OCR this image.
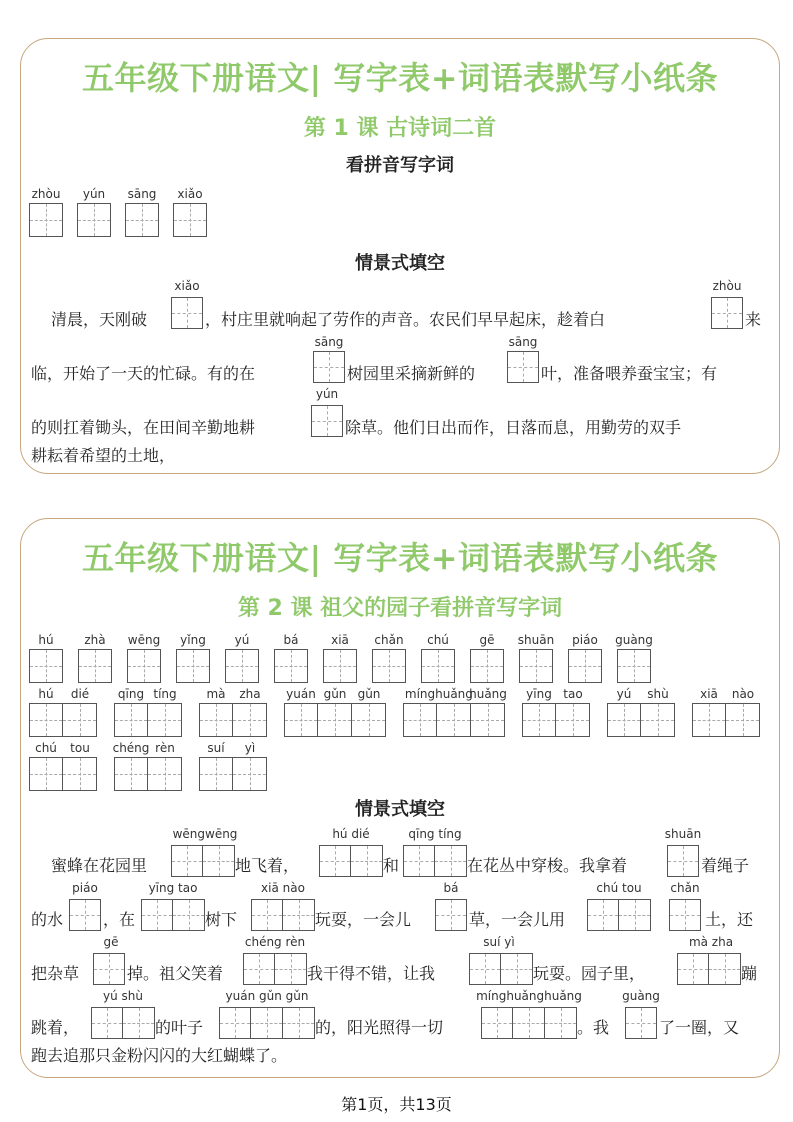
五年级下册语文| 写字表+词语表默写小纸条
第 1 课 古诗词二首
看拼音写字词
zhòu yún sāng xiǎo
情景式填空
xiǎo	zhòu
清晨，天刚破	，村庄里就响起了劳作的声音。农民们早早起床，趁着白	来
sāng	sāng
临，开始了一天的忙碌。有的在	树园里采摘新鲜的	叶，准备喂养蚕宝宝；有
yún
的则扛着锄头，在田间辛勤地耕	除草。他们日出而作，日落而息，用勤劳的双手
耕耘着希望的土地，
五年级下册语文| 写字表+词语表默写小纸条
第 2 课 祖父的园子看拼音写字词
hú	zhà wēng yǐng yú	bá	xiā chǎn chú	gē shuān piáo guàng
hú dié qīng tíng mà zha yuán gǔn gǔn míng huǎng
huǎng yīng tao	yú shù	xiā nào
chú tou chéng rèn	suí yì
情景式填空
wēngwēng	hú dié	qīng tíng	shuān
蜜蜂在花园里	地飞着，	和	在花丛中穿梭。我拿着	着绳子
piáo	yīng tao	xiā nào	bá	chú tou chǎn
的水 ，在	树下	玩耍，一会儿	草，一会儿用	土，还
gē	chéng rèn	suí yì	mà zha
把杂草	掉。祖父笑着	我干得不错，让我	玩耍。园子里，	蹦
yú shù	yuán gǔn gǔn	mínghuǎnghuǎng	guàng
跳着，	的叶子	的，阳光照得一切	。我	了一圈，又
跑去追那只金粉闪闪的大红蝴蝶了。
第1页，共13页
